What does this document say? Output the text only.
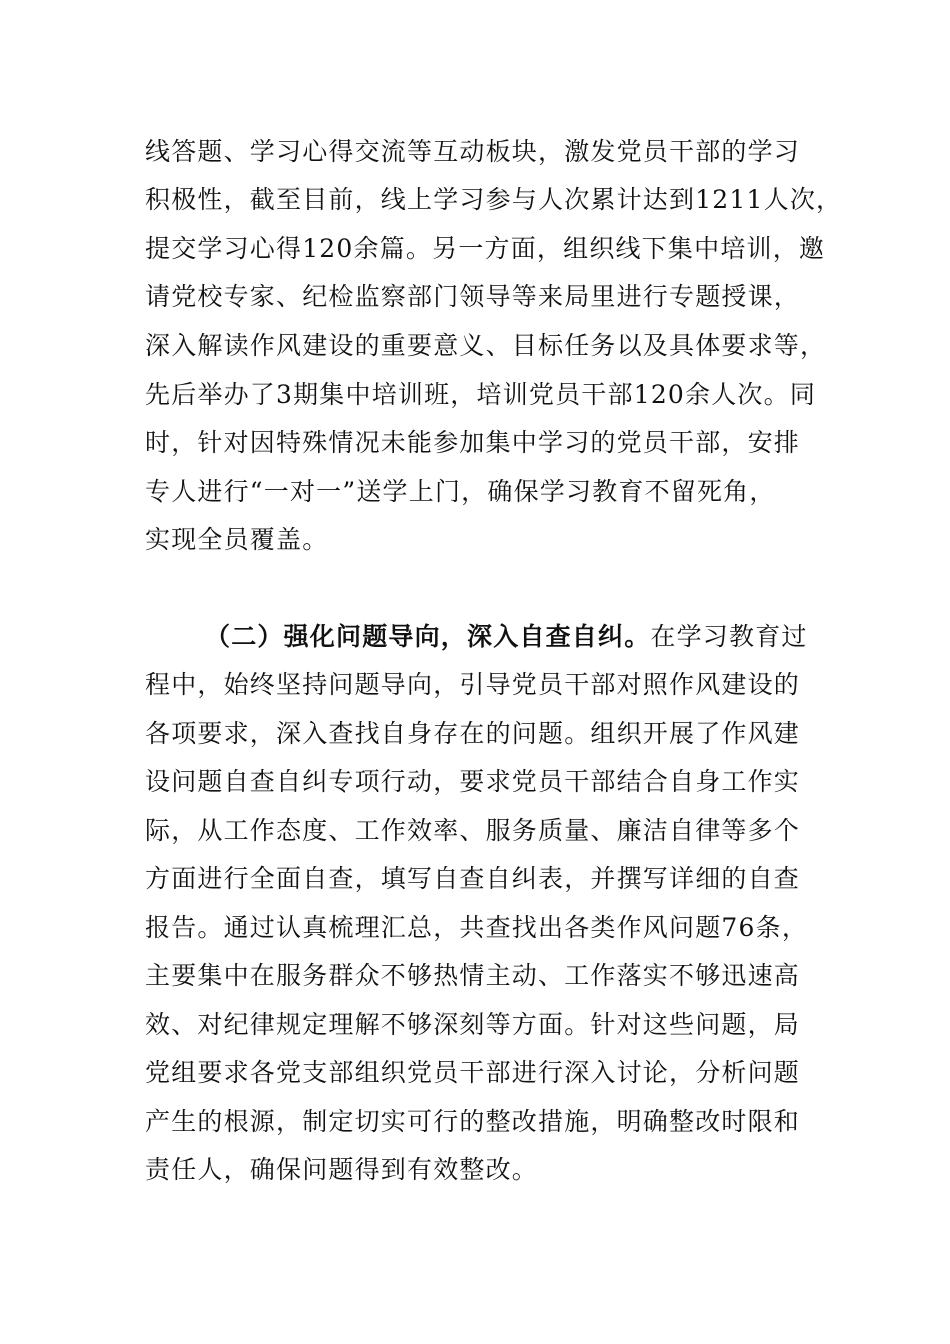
线答题、学习心得交流等互动板块，激发党员干部的学习
积极性，截至目前，线上学习参与人次累计达到1211人次，
提交学习心得120余篇。另一方面，组织线下集中培训，邀
请党校专家、纪检监察部门领导等来局里进行专题授课，
深入解读作风建设的重要意义、目标任务以及具体要求等，
先后举办了3期集中培训班，培训党员干部120余人次。同
时，针对因特殊情况未能参加集中学习的党员干部，安排
专人进行“一对一”送学上门，确保学习教育不留死角，
实现全员覆盖。
（二）强化问题导向，深入自查自纠。在学习教育过
程中，始终坚持问题导向，引导党员干部对照作风建设的
各项要求，深入查找自身存在的问题。组织开展了作风建
设问题自查自纠专项行动，要求党员干部结合自身工作实
际，从工作态度、工作效率、服务质量、廉洁自律等多个
方面进行全面自查，填写自查自纠表，并撰写详细的自查
报告。通过认真梳理汇总，共查找出各类作风问题76条，
主要集中在服务群众不够热情主动、工作落实不够迅速高
效、对纪律规定理解不够深刻等方面。针对这些问题，局
党组要求各党支部组织党员干部进行深入讨论，分析问题
产生的根源，制定切实可行的整改措施，明确整改时限和
责任人，确保问题得到有效整改。
